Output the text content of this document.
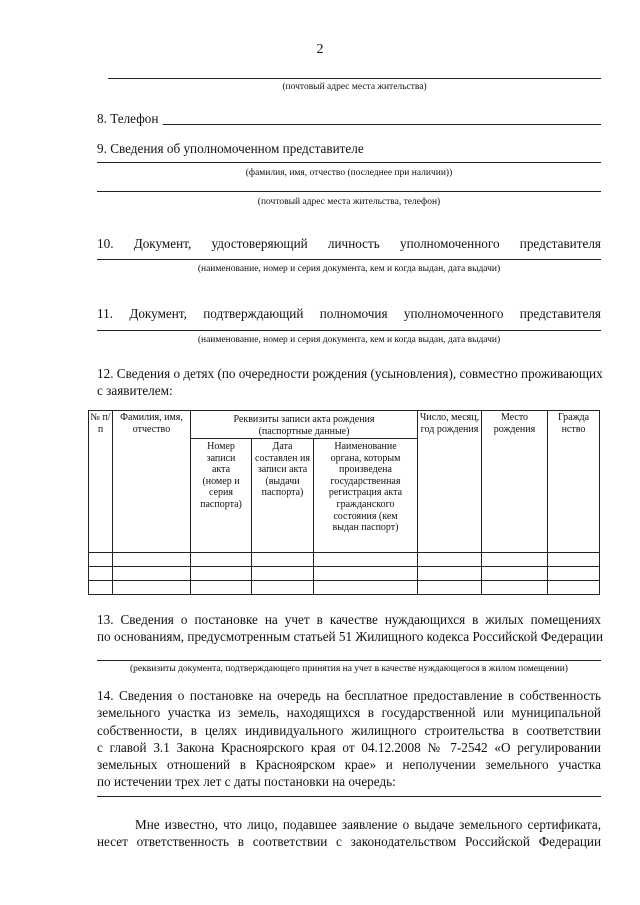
2
(почтовый адрес места жительства)
8. Телефон
9. Сведения об уполномоченном представителе
(фамилия, имя, отчество (последнее при наличии))
(почтовый адрес места жительства, телефон)
10. Документ, удостоверяющий личность уполномоченного представителя
(наименование, номер и серия документа, кем и когда выдан, дата выдачи)
11. Документ, подтверждающий полномочия уполномоченного представителя
(наименование, номер и серия документа, кем и когда выдан, дата выдачи)
12. Сведения о детях (по очередности рождения (усыновления), совместно проживающих
с заявителем:
№ п/ п	Фамилия, имя, отчество	Реквизиты записи акта рождения (паспортные данные)			Число, месяц, год рождения	Место рождения	Гражда нство
		Номер записи акта (номер и серия паспорта)	Дата составлен ия записи акта (выдачи паспорта)	Наименование органа, которым произведена государственная регистрация акта гражданского состояния (кем выдан паспорт)			

13. Сведения о постановке на учет в качестве нуждающихся в жилых помещениях
по основаниям, предусмотренным статьей 51 Жилищного кодекса Российской Федерации
(реквизиты документа, подтверждающего принятия на учет в качестве нуждающегося в жилом помещении)
14. Сведения о постановке на очередь на бесплатное предоставление в собственность
земельного участка из земель, находящихся в государственной или муниципальной
собственности, в целях индивидуального жилищного строительства в соответствии
с главой 3.1 Закона Красноярского края от 04.12.2008 № 7-2542 «О регулировании
земельных отношений в Красноярском крае» и неполучении земельного участка
по истечении трех лет с даты постановки на очередь:
Мне известно, что лицо, подавшее заявление о выдаче земельного сертификата,
несет ответственность в соответствии с законодательством Российской Федерации
